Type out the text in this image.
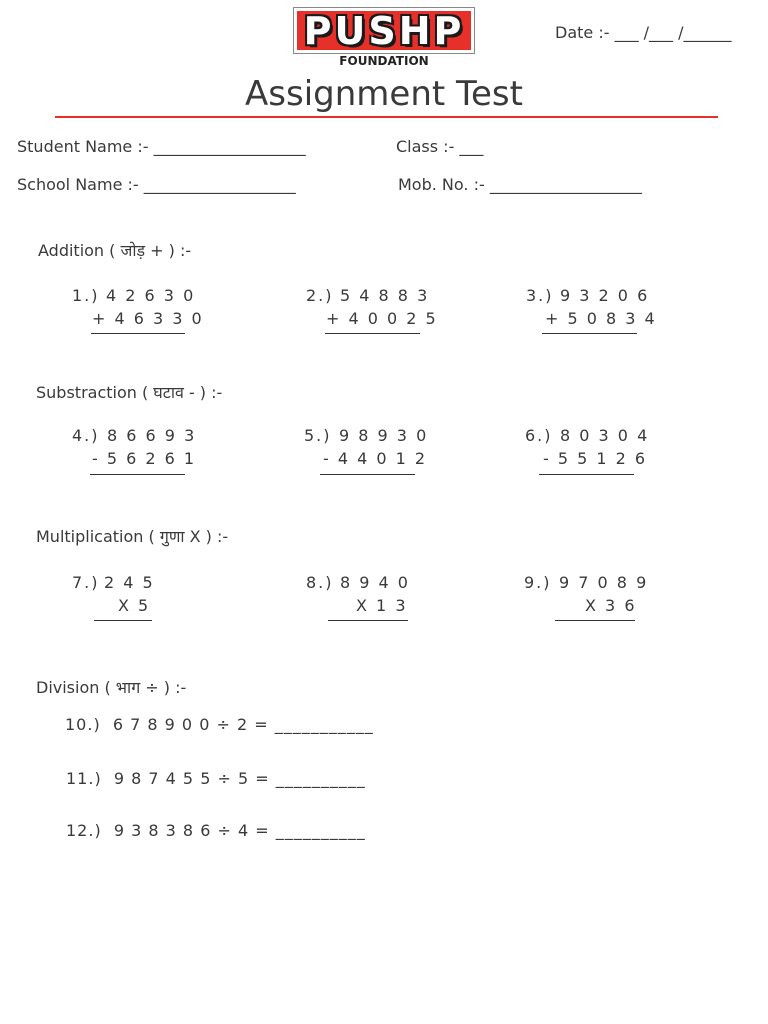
PUSHP
FOUNDATION
Date :- ___ /___ /______
Assignment Test
Student Name :- ___________________	Class :- ___
School Name :- ___________________	Mob. No. :- ___________________
Addition ( जोड़ + ) :-
1.) 4 2 6 3 0
+ 4 6 3 3 0
2.) 5 4 8 8 3
+ 4 0 0 2 5
3.) 9 3 2 0 6
+ 5 0 8 3 4
Substraction ( घटाव - ) :-
4.) 8 6 6 9 3
- 5 6 2 6 1
5.) 9 8 9 3 0
- 4 4 0 1 2
6.) 8 0 3 0 4
- 5 5 1 2 6
Multiplication ( गुणा X ) :-
7.) 2 4 5
X 5
8.) 8 9 4 0
X 1 3
9.) 9 7 0 8 9
X 3 6
Division ( भाग ÷ ) :-
10.)  6 7 8 9 0 0 ÷ 2 = ___________
11.)  9 8 7 4 5 5 ÷ 5 = __________
12.)  9 3 8 3 8 6 ÷ 4 = __________
